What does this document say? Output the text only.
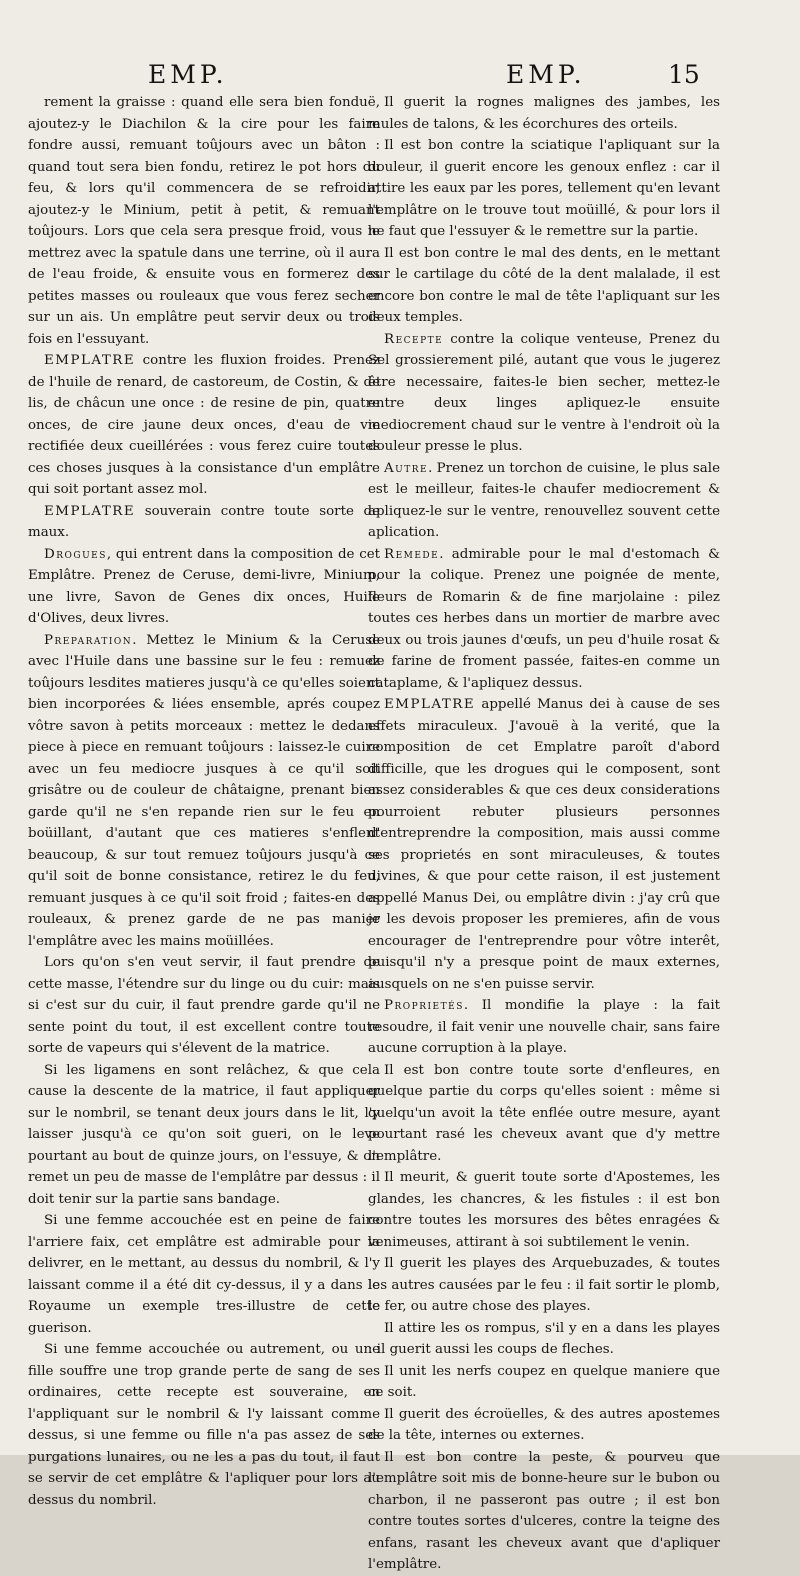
EMP.	EMP.	15

rement la graisse : quand elle sera bien fonduë, ajoutez-y le Diachilon & la cire pour les faire fondre aussi, remuant toûjours avec un bâton : quand tout sera bien fondu, retirez le pot hors du feu, & lors qu'il commencera de se refroidir, ajoutez-y le Minium, petit à petit, & remuant toûjours. Lors que cela sera presque froid, vous le mettrez avec la spatule dans une terrine, où il aura de l'eau froide, & ensuite vous en formerez des petites masses ou rouleaux que vous ferez secher sur un ais. Un emplâtre peut servir deux ou trois fois en l'essuyant.

EMPLATRE contre les fluxion froides. Prenez de l'huile de renard, de castoreum, de Costin, & de lis, de châcun une once : de resine de pin, quatre onces, de cire jaune deux onces, d'eau de vie rectifiée deux cueillérées : vous ferez cuire toutes ces choses jusques à la consistance d'un emplâtre qui soit portant assez mol.

EMPLATRE souverain contre toute sorte de maux.

Drogues, qui entrent dans la composition de cet Emplâtre. Prenez de Ceruse, demi-livre, Minium, une livre, Savon de Genes dix onces, Huile d'Olives, deux livres.

Preparation. Mettez le Minium & la Ceruse avec l'Huile dans une bassine sur le feu : remuez toûjours lesdites matieres jusqu'à ce qu'elles soient bien incorporées & liées ensemble, aprés coupez vôtre savon à petits morceaux : mettez le dedans piece à piece en remuant toûjours : laissez-le cuire avec un feu mediocre jusques à ce qu'il soit grisâtre ou de couleur de châtaigne, prenant bien garde qu'il ne s'en repande rien sur le feu en boüillant, d'autant que ces matieres s'enflent beaucoup, & sur tout remuez toûjours jusqu'à ce qu'il soit de bonne consistance, retirez le du feu, remuant jusques à ce qu'il soit froid ; faites-en des rouleaux, & prenez garde de ne pas manier l'emplâtre avec les mains moüillées.

Lors qu'on s'en veut servir, il faut prendre de cette masse, l'étendre sur du linge ou du cuir: mais si c'est sur du cuir, il faut prendre garde qu'il ne sente point du tout, il est excellent contre toute sorte de vapeurs qui s'élevent de la matrice.

Si les ligamens en sont relâchez, & que cela cause la descente de la matrice, il faut appliquer sur le nombril, se tenant deux jours dans le lit, l'y laisser jusqu'à ce qu'on soit gueri, on le leve pourtant au bout de quinze jours, on l'essuye, & on remet un peu de masse de l'emplâtre par dessus : il doit tenir sur la partie sans bandage.

Si une femme accouchée est en peine de faire l'arriere faix, cet emplâtre est admirable pour la delivrer, en le mettant, au dessus du nombril, & l'y laissant comme il a été dit cy-dessus, il y a dans le Royaume un exemple tres-illustre de cette guerison.

Si une femme accouchée ou autrement, ou une fille souffre une trop grande perte de sang de ses ordinaires, cette recepte est souveraine, en l'appliquant sur le nombril & l'y laissant comme dessus, si une femme ou fille n'a pas assez de ses purgations lunaires, ou ne les a pas du tout, il faut se servir de cet emplâtre & l'apliquer pour lors au dessus du nombril.

Il guerit la rognes malignes des jambes, les mules de talons, & les écorchures des orteils.

Il est bon contre la sciatique l'apliquant sur la douleur, il guerit encore les genoux enflez : car il attire les eaux par les pores, tellement qu'en levant l'emplâtre on le trouve tout moüillé, & pour lors il ne faut que l'essuyer & le remettre sur la partie.

Il est bon contre le mal des dents, en le mettant sur le cartilage du côté de la dent malalade, il est encore bon contre le mal de tête l'apliquant sur les deux temples.

Recepte contre la colique venteuse, Prenez du Sel grossierement pilé, autant que vous le jugerez être necessaire, faites-le bien secher, mettez-le entre deux linges apliquez-le ensuite mediocrement chaud sur le ventre à l'endroit où la douleur presse le plus.

Autre. Prenez un torchon de cuisine, le plus sale est le meilleur, faites-le chaufer mediocrement & apliquez-le sur le ventre, renouvellez souvent cette aplication.

Remede. admirable pour le mal d'estomach & pour la colique. Prenez une poignée de mente, fleurs de Romarin & de fine marjolaine : pilez toutes ces herbes dans un mortier de marbre avec deux ou trois jaunes d'œufs, un peu d'huile rosat & de farine de froment passée, faites-en comme un cataplame, & l'apliquez dessus.

EMPLATRE appellé Manus dei à cause de ses effets miraculeux. J'avouë à la verité, que la composition de cet Emplatre paroît d'abord difficille, que les drogues qui le composent, sont assez considerables & que ces deux considerations pourroient rebuter plusieurs personnes d'entreprendre la composition, mais aussi comme ses proprietés en sont miraculeuses, & toutes divines, & que pour cette raison, il est justement appellé Manus Dei, ou emplâtre divin : j'ay crû que je les devois proposer les premieres, afin de vous encourager de l'entreprendre pour vôtre interêt, puisqu'il n'y a presque point de maux externes, ausquels on ne s'en puisse servir.

Proprietés. Il mondifie la playe : la fait resoudre, il fait venir une nouvelle chair, sans faire aucune corruption à la playe.

Il est bon contre toute sorte d'enfleures, en quelque partie du corps qu'elles soient : même si quelqu'un avoit la tête enflée outre mesure, ayant pourtant rasé les cheveux avant que d'y mettre l'emplâtre.

Il meurit, & guerit toute sorte d'Apostemes, les glandes, les chancres, & les fistules : il est bon contre toutes les morsures des bêtes enragées & venimeuses, attirant à soi subtilement le venin.

Il guerit les playes des Arquebuzades, & toutes les autres causées par le feu : il fait sortir le plomb, le fer, ou autre chose des playes.

Il attire les os rompus, s'il y en a dans les playes : il guerit aussi les coups de fleches.

Il unit les nerfs coupez en quelque maniere que ce soit.

Il guerit des écroüelles, & des autres apostemes de la tête, internes ou externes.

Il est bon contre la peste, & pourveu que l'emplâtre soit mis de bonne-heure sur le bubon ou charbon, il ne passeront pas outre ; il est bon contre toutes sortes d'ulceres, contre la teigne des enfans, rasant les cheveux avant que d'apliquer l'emplâtre.
